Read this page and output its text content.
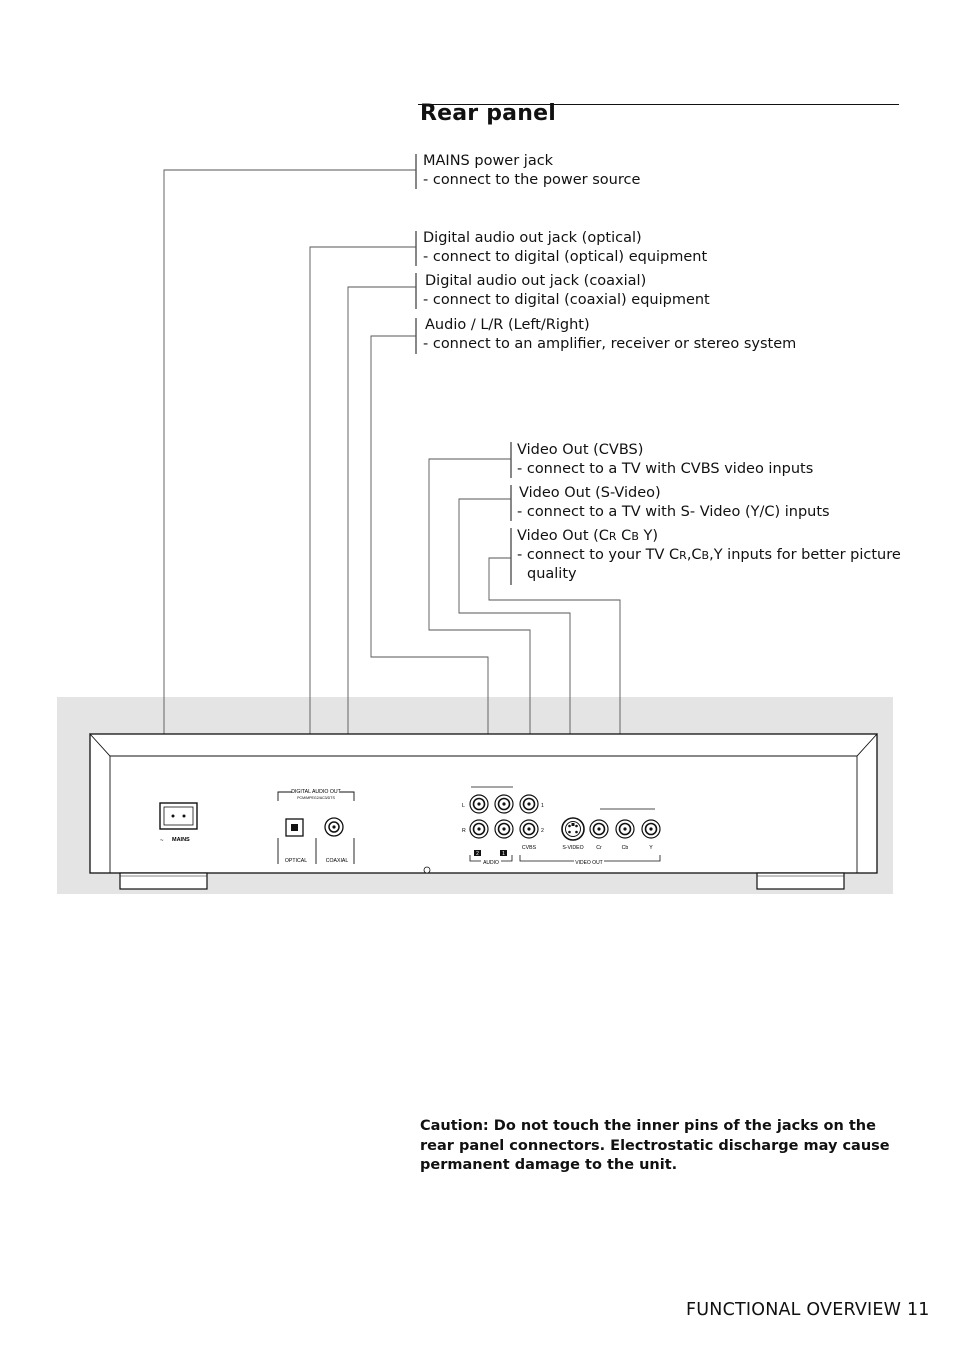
Rear panel
MAINS power jack
- connect to the power source
Digital audio out jack (optical)
- connect to digital (optical) equipment
Digital audio out jack (coaxial)
- connect to digital (coaxial) equipment
Audio / L/R (Left/Right)
- connect to an amplifier, receiver or stereo system
Video Out (CVBS)
- connect to a TV with CVBS video inputs
Video Out (S-Video)
- connect to a TV with S- Video (Y/C) inputs
Video Out (CR CB Y)
- connect to your TV CR,CB,Y inputs for better picture
quality
~ MAINS
DIGITAL AUDIO OUT
PCM/MPEG2/AC3/DTS
OPTICAL	COAXIAL
L
R
1
2
CVBS
2	1
AUDIO
S-VIDEO Cr	Cb	Y
VIDEO OUT
Caution: Do not touch the inner pins of the jacks on the rear panel connectors. Electrostatic discharge may cause permanent damage to the unit.
FUNCTIONAL OVERVIEW 11
